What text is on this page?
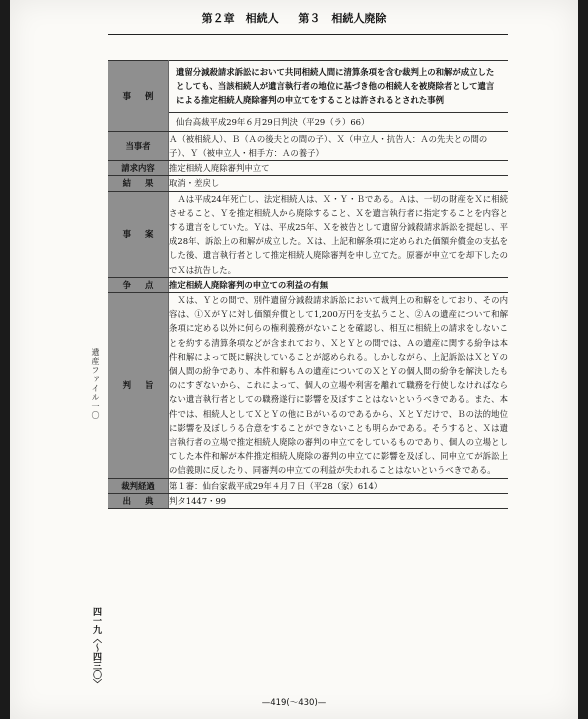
第２章　相続人 第３　相続人廃除
事例	遺留分減殺請求訴訟において共同相続人間に清算条項を含む裁判上の和解が成立したとしても、当該相続人が遺言執行者の地位に基づき他の相続人を被廃除者として遺言による推定相続人廃除審判の申立てをすることは許されるとされた事例
仙台高裁平成29年６月29日判決（平29（ラ）66）

当事者	Ａ（被相続人）、Ｂ（Ａの後夫との間の子）、Ｘ（申立人・抗告人：Ａの先夫との間の子）、Ｙ（被申立人・相手方：Ａの養子）
請求内容	推定相続人廃除審判申立て
結果	取消・差戻し
事案	Ａは平成24年死亡し、法定相続人は、Ｘ・Ｙ・Ｂである。Ａは、一切の財産をＸに相続させること、Ｙを推定相続人から廃除すること、Ｘを遺言執行者に指定することを内容とする遺言をしていた。Ｙは、平成25年、Ｘを被告として遺留分減殺請求訴訟を提起し、平成28年、訴訟上の和解が成立した。Ｘは、上記和解条項に定められた価額弁償金の支払をした後、遺言執行者として推定相続人廃除審判を申し立てた。原審が申立てを却下したのでＸは抗告した。
争点	推定相続人廃除審判の申立ての利益の有無
判旨	Ｘは、Ｙとの間で、別件遺留分減殺請求訴訟において裁判上の和解をしており、その内容は、①ＸがＹに対し価額弁償として1,200万円を支払うこと、②Ａの遺産について和解条項に定める以外に何らの権利義務がないことを確認し、相互に相続上の請求をしないことを約する清算条項などが含まれており、ＸとＹとの間では、Ａの遺産に関する紛争は本件和解によって既に解決していることが認められる。しかしながら、上記訴訟はＸとＹの個人間の紛争であり、本件和解もＡの遺産についてのＸとＹの個人間の紛争を解決したものにすぎないから、これによって、個人の立場や利害を離れて職務を行使しなければならない遺言執行者としての職務遂行に影響を及ぼすことはないというべきである。また、本件では、相続人としてＸとＹの他にＢがいるのであるから、ＸとＹだけで、Ｂの法的地位に影響を及ぼしうる合意をすることができないことも明らかである。そうすると、Ｘは遺言執行者の立場で推定相続人廃除の審判の申立てをしているものであり、個人の立場としてした本件和解が本件推定相続人廃除の審判の申立てに影響を及ぼし、同申立てが訴訟上の信義則に反したり、同審判の申立ての利益が失われることはないというべきである。
裁判経過	第１審：仙台家裁平成29年４月７日（平28（家）614）
出典	判タ1447・99
遺産ファイル一〇
四一九〈～四三〇〉
—419(～430)—
